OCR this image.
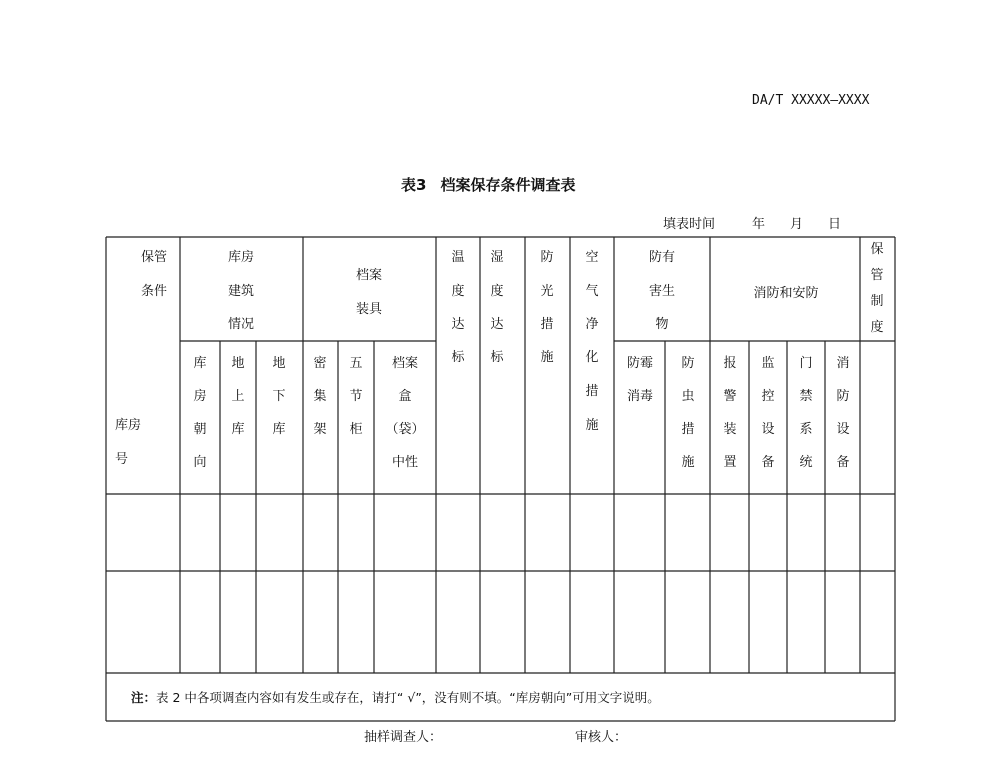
DA/T XXXXX—XXXX
表3 档案保存条件调查表
填表时间	年 月 日
保管
条件
库房
号
库房
建筑
情况
档案
装具
温
度
达
标
湿
度
达
标
防
光
措
施
空
气
净
化
措
施
防有
害生
物
消防和安防
保
管
制
度
库
房
朝
向
地
上
库
地
下
库
密
集
架
五
节
柜
档案
盒
（袋）
中性
防霉
消毒
防
虫
措
施
报
警
装
置
监
控
设
备
门
禁
系
统
消
防
设
备
注：表 2 中各项调查内容如有发生或存在，请打“ √”，没有则不填。“库房朝向”可用文字说明。
抽样调查人：	审核人：
